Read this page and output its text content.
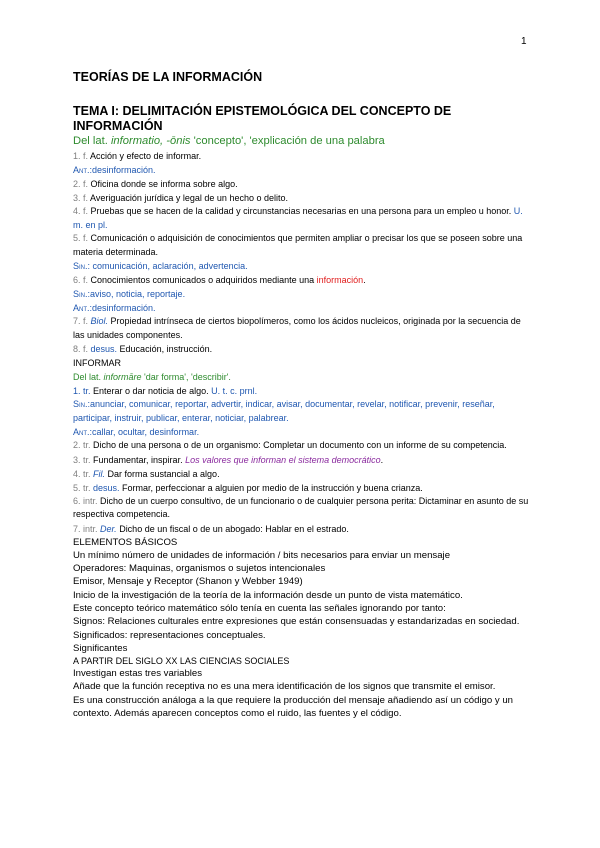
1
TEORÍAS DE LA INFORMACIÓN
TEMA I: DELIMITACIÓN EPISTEMOLÓGICA DEL CONCEPTO DE INFORMACIÓN
Del lat. informatio, -ōnis 'concepto', 'explicación de una palabra
1. f. Acción y efecto de informar.
Ant.:desinformación.
2. f. Oficina donde se informa sobre algo.
3. f. Averiguación jurídica y legal de un hecho o delito.
4. f. Pruebas que se hacen de la calidad y circunstancias necesarias en una persona para un empleo u honor. U. m. en pl.
5. f. Comunicación o adquisición de conocimientos que permiten ampliar o precisar los que se poseen sobre una materia determinada.
Sin.: comunicación, aclaración, advertencia.
6. f. Conocimientos comunicados o adquiridos mediante una información.
Sin.:aviso, noticia, reportaje.
Ant.:desinformación.
7. f. Biol. Propiedad intrínseca de ciertos biopolímeros, como los ácidos nucleicos, originada por la secuencia de las unidades componentes.
8. f. desus. Educación, instrucción.
INFORMAR
Del lat. informāre 'dar forma', 'describir'.
1. tr. Enterar o dar noticia de algo. U. t. c. prnl.
Sin.:anunciar, comunicar, reportar, advertir, indicar, avisar, documentar, revelar, notificar, prevenir, reseñar, participar, instruir, publicar, enterar, noticiar, palabrear.
Ant.:callar, ocultar, desinformar.
2. tr. Dicho de una persona o de un organismo: Completar un documento con un informe de su competencia.
3. tr. Fundamentar, inspirar. Los valores que informan el sistema democrático.
4. tr. Fil. Dar forma sustancial a algo.
5. tr. desus. Formar, perfeccionar a alguien por medio de la instrucción y buena crianza.
6. intr. Dicho de un cuerpo consultivo, de un funcionario o de cualquier persona perita: Dictaminar en asunto de su respectiva competencia.
7. intr. Der. Dicho de un fiscal o de un abogado: Hablar en el estrado.
ELEMENTOS BÁSICOS
Un mínimo número de unidades de información / bits necesarios para enviar un mensaje
Operadores: Maquinas, organismos o sujetos intencionales
Emisor, Mensaje y Receptor (Shanon y Webber 1949)
Inicio de la investigación de la teoría de la información desde un punto de vista matemático.
Este concepto teórico matemático sólo tenía en cuenta las señales ignorando por tanto:
Signos: Relaciones culturales entre expresiones que están consensuadas y estandarizadas en sociedad.
Significados: representaciones conceptuales.
Significantes
A PARTIR DEL SIGLO XX LAS CIENCIAS SOCIALES
Investigan estas tres variables
Añade que la función receptiva no es una mera identificación de los signos que transmite el emisor.
Es una construcción análoga a la que requiere la producción del mensaje añadiendo así un código y un contexto. Además aparecen conceptos como el ruido, las fuentes y el código.
